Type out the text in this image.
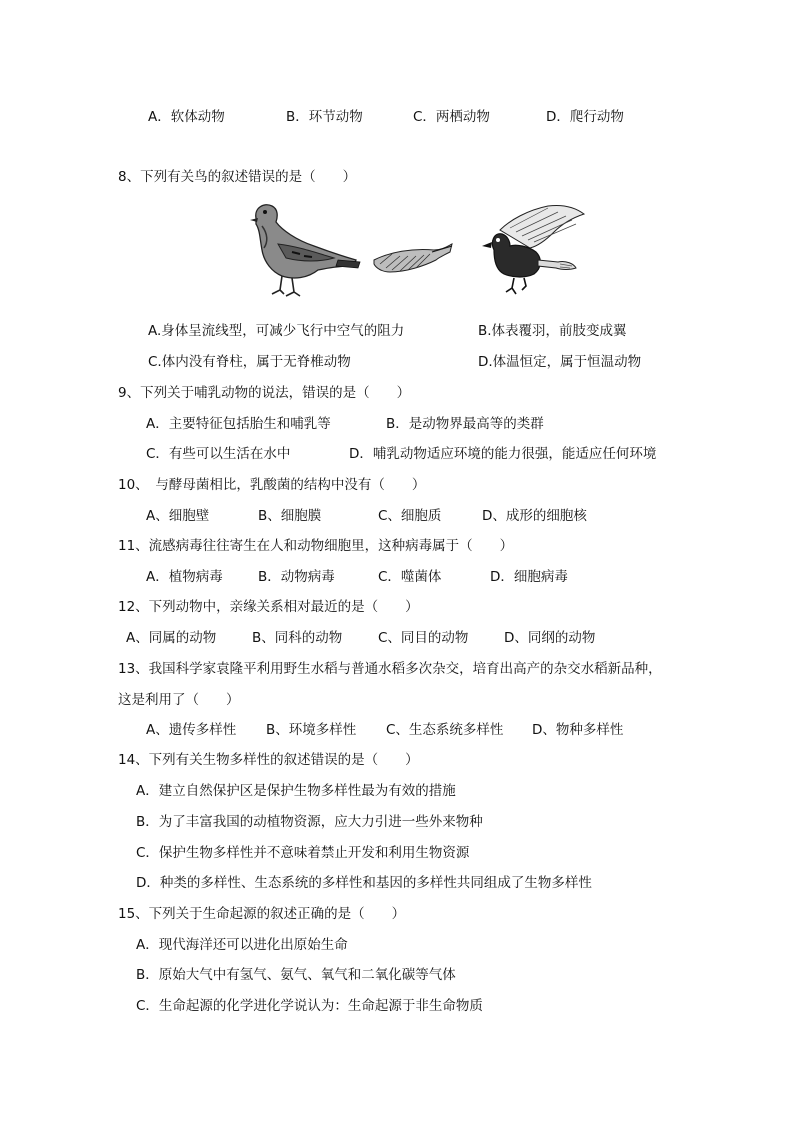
A．软体动物	B．环节动物	C．两栖动物	D．爬行动物
8、下列有关鸟的叙述错误的是（　　）
A.身体呈流线型，可减少飞行中空气的阻力	B.体表覆羽，前肢变成翼
C.体内没有脊柱，属于无脊椎动物	D.体温恒定，属于恒温动物
9、下列关于哺乳动物的说法，错误的是（　　）
A．主要特征包括胎生和哺乳等	B．是动物界最高等的类群
C．有些可以生活在水中	D．哺乳动物适应环境的能力很强，能适应任何环境
10、　与酵母菌相比，乳酸菌的结构中没有（　　）
A、细胞壁	B、细胞膜	C、细胞质	D、成形的细胞核
11、流感病毒往往寄生在人和动物细胞里，这种病毒属于（　　）
A．植物病毒	B．动物病毒	C．噬菌体	D．细胞病毒
12、下列动物中，亲缘关系相对最近的是（　　）
A、同属的动物	B、同科的动物	C、同目的动物	D、同纲的动物
13、我国科学家袁隆平利用野生水稻与普通水稻多次杂交，培育出高产的杂交水稻新品种，
这是利用了（　　）
A、遗传多样性 B、环境多样性 C、生态系统多样性 D、物种多样性
14、下列有关生物多样性的叙述错误的是（　　）
A．建立自然保护区是保护生物多样性最为有效的措施
B．为了丰富我国的动植物资源，应大力引进一些外来物种
C．保护生物多样性并不意味着禁止开发和利用生物资源
D．种类的多样性、生态系统的多样性和基因的多样性共同组成了生物多样性
15、下列关于生命起源的叙述正确的是（　　）
A．现代海洋还可以进化出原始生命
B．原始大气中有氢气、氨气、氧气和二氧化碳等气体
C．生命起源的化学进化学说认为：生命起源于非生命物质
